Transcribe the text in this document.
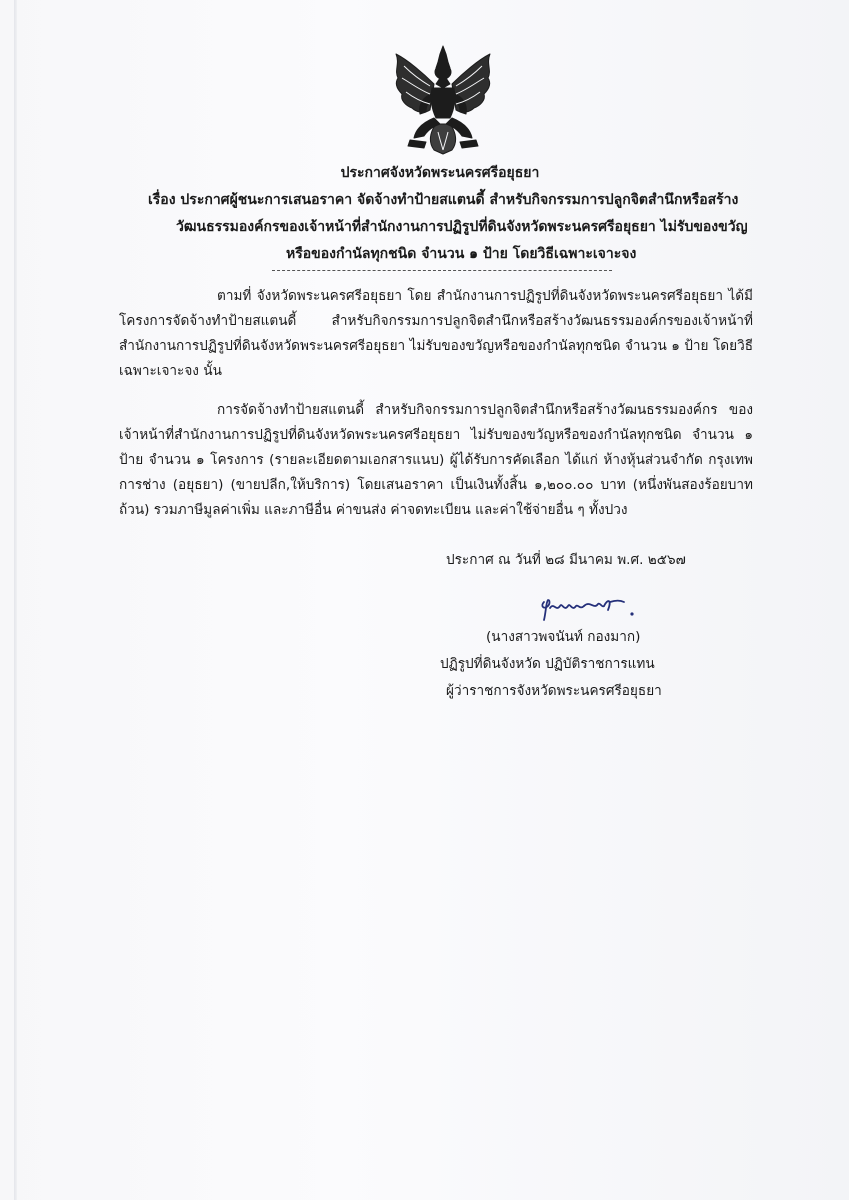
ประกาศจังหวัดพระนครศรีอยุธยา
เรื่อง ประกาศผู้ชนะการเสนอราคา จัดจ้างทำป้ายสแตนดี้ สำหรับกิจกรรมการปลูกจิตสำนึกหรือสร้าง
วัฒนธรรมองค์กรของเจ้าหน้าที่สำนักงานการปฏิรูปที่ดินจังหวัดพระนครศรีอยุธยา ไม่รับของขวัญ
หรือของกำนัลทุกชนิด จำนวน ๑ ป้าย โดยวิธีเฉพาะเจาะจง

ตามที่ จังหวัดพระนครศรีอยุธยา โดย สำนักงานการปฏิรูปที่ดินจังหวัดพระนครศรีอยุธยา ได้มีโครงการจัดจ้างทำป้ายสแตนดี้ สำหรับกิจกรรมการปลูกจิตสำนึกหรือสร้างวัฒนธรรมองค์กรของเจ้าหน้าที่ สำนักงานการปฏิรูปที่ดินจังหวัดพระนครศรีอยุธยา ไม่รับของขวัญหรือของกำนัลทุกชนิด จำนวน ๑ ป้าย โดยวิธีเฉพาะเจาะจง นั้น

การจัดจ้างทำป้ายสแตนดี้ สำหรับกิจกรรมการปลูกจิตสำนึกหรือสร้างวัฒนธรรมองค์กร ของเจ้าหน้าที่สำนักงานการปฏิรูปที่ดินจังหวัดพระนครศรีอยุธยา ไม่รับของขวัญหรือของกำนัลทุกชนิด จำนวน ๑ ป้าย จำนวน ๑ โครงการ (รายละเอียดตามเอกสารแนบ) ผู้ได้รับการคัดเลือก ได้แก่ ห้างหุ้นส่วนจำกัด กรุงเทพการช่าง (อยุธยา) (ขายปลีก,ให้บริการ) โดยเสนอราคา เป็นเงินทั้งสิ้น ๑,๒๐๐.๐๐ บาท (หนึ่งพันสองร้อยบาทถ้วน) รวมภาษีมูลค่าเพิ่ม และภาษีอื่น ค่าขนส่ง ค่าจดทะเบียน และค่าใช้จ่ายอื่น ๆ ทั้งปวง

ประกาศ ณ วันที่ ๒๘ มีนาคม พ.ศ. ๒๕๖๗
(นางสาวพจนันท์ กองมาก)
ปฏิรูปที่ดินจังหวัด ปฏิบัติราชการแทน
ผู้ว่าราชการจังหวัดพระนครศรีอยุธยา
